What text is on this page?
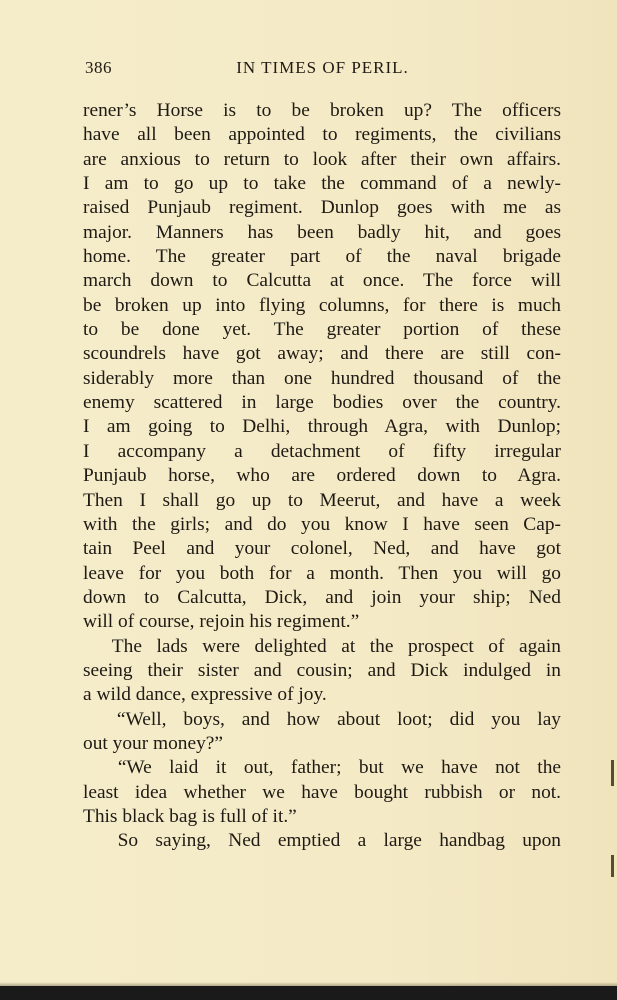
386	IN TIMES OF PERIL.
rener’s Horse is to be broken up? The officers
have all been appointed to regiments, the civilians
are anxious to return to look after their own affairs.
I am to go up to take the command of a newly-
raised Punjaub regiment. Dunlop goes with me as
major. Manners has been badly hit, and goes
home. The greater part of the naval brigade
march down to Calcutta at once. The force will
be broken up into flying columns, for there is much
to be done yet. The greater portion of these
scoundrels have got away; and there are still con-
siderably more than one hundred thousand of the
enemy scattered in large bodies over the country.
I am going to Delhi, through Agra, with Dunlop;
I accompany a detachment of fifty irregular
Punjaub horse, who are ordered down to Agra.
Then I shall go up to Meerut, and have a week
with the girls; and do you know I have seen Cap-
tain Peel and your colonel, Ned, and have got
leave for you both for a month. Then you will go
down to Calcutta, Dick, and join your ship; Ned
will of course, rejoin his regiment.”
The lads were delighted at the prospect of again
seeing their sister and cousin; and Dick indulged in
a wild dance, expressive of joy.
“Well, boys, and how about loot; did you lay
out your money?”
“We laid it out, father; but we have not the
least idea whether we have bought rubbish or not.
This black bag is full of it.”
So saying, Ned emptied a large handbag upon
